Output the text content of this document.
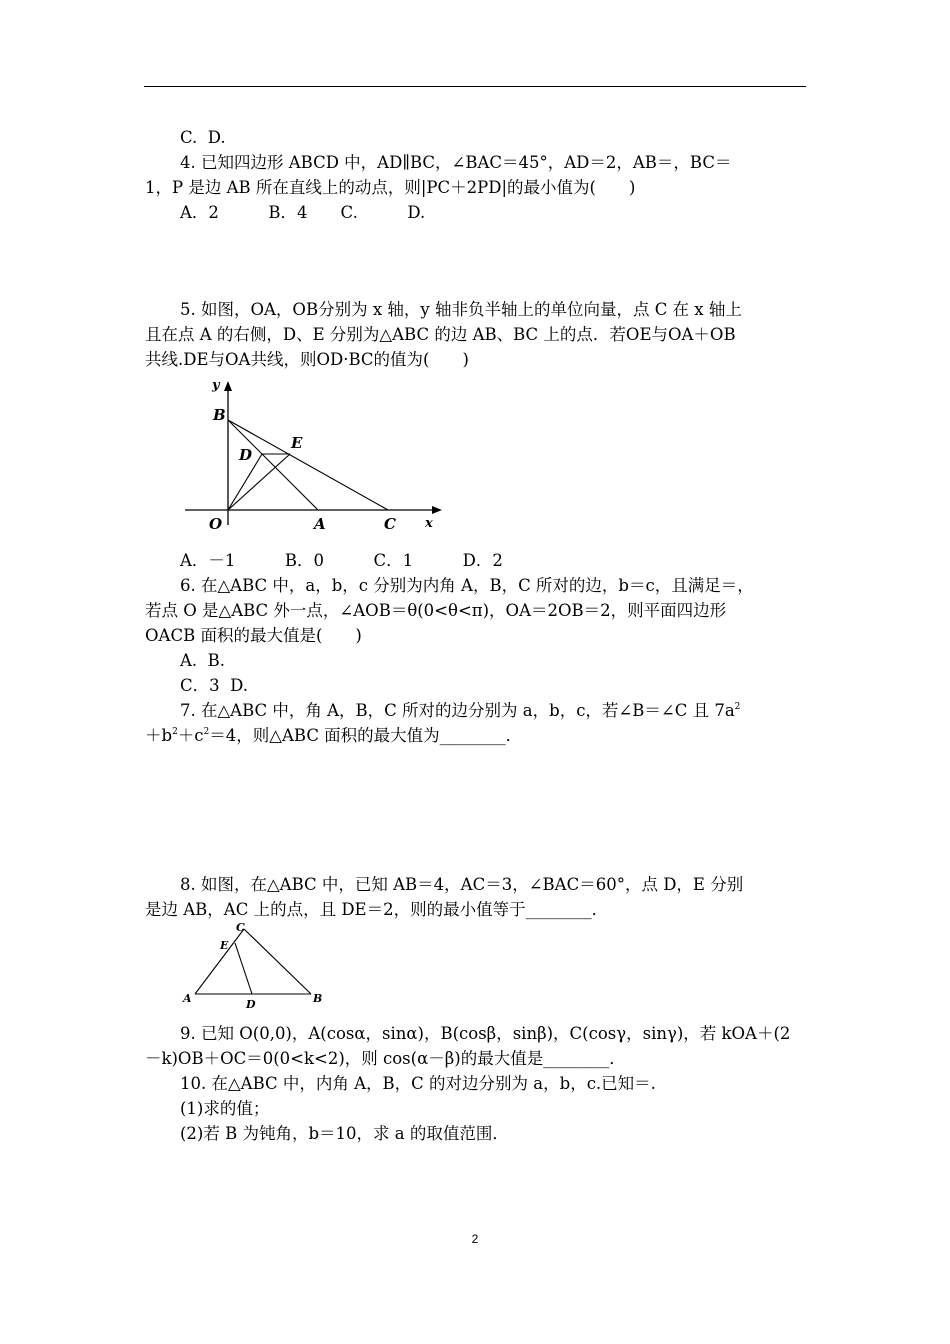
C.  D.
4. 已知四边形 ABCD 中，AD∥BC，∠BAC＝45°，AD＝2，AB＝，BC＝
1，P 是边 AB 所在直线上的动点，则|PC＋2PD|的最小值为(　　)
A．2　　　B．4　　C.　　　D.
5. 如图，OA，OB分别为 x 轴，y 轴非负半轴上的单位向量，点 C 在 x 轴上
且在点 A 的右侧，D、E 分别为△ABC 的边 AB、BC 上的点．若OE与OA＋OB
共线.DE与OA共线，则OD·BC的值为(　　)
y
B
E
D
O	A	C x
A．－1　　　B．0　　　C．1　　　D．2
6. 在△ABC 中，a，b，c 分别为内角 A，B，C 所对的边，b＝c，且满足＝，
若点 O 是△ABC 外一点，∠AOB＝θ(0<θ<π)，OA＝2OB＝2，则平面四边形
OACB 面积的最大值是(　　)
A.  B.
C．3  D.
7. 在△ABC 中，角 A，B，C 所对的边分别为 a，b，c，若∠B＝∠C 且 $7a^2$
$+b^2+c^2=4$，则△ABC 面积的最大值为________．
8. 如图，在△ABC 中，已知 AB＝4，AC＝3，∠BAC＝60°，点 D，E 分别
是边 AB，AC 上的点，且 DE＝2，则的最小值等于________．
C
E
A	D	B
9. 已知 O(0,0)，A(cosα，sinα)，B(cosβ，sinβ)，C(cosγ，sinγ)，若 kOA＋(2
－k)OB＋OC＝0(0<k<2)，则 cos(α－β)的最大值是________．
10. 在△ABC 中，内角 A，B，C 的对边分别为 a，b，c.已知＝.
(1)求的值；
(2)若 B 为钝角，b＝10，求 a 的取值范围．
2
